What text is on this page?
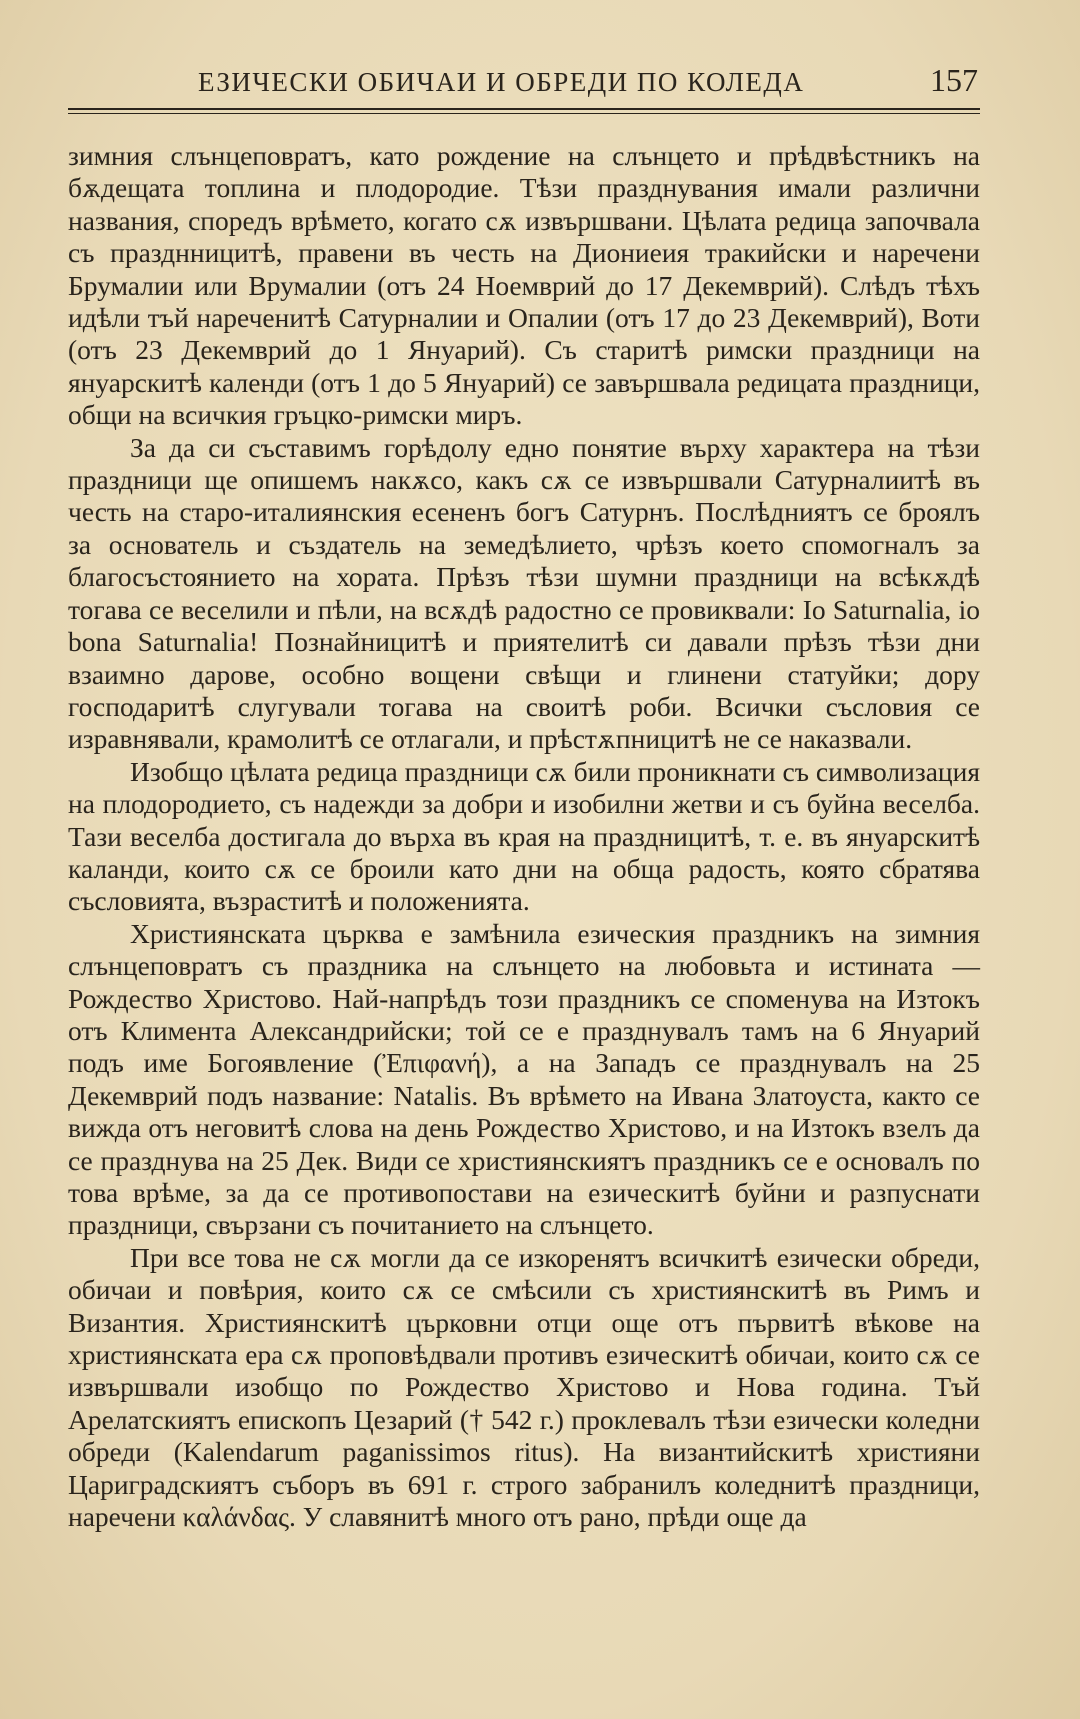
ЕЗИЧЕСКИ ОБИЧАИ И ОБРЕДИ ПО КОЛЕДА	157

зимния слънцеповратъ, като рождение на слънцето и прѣдвѣстникъ на бѫдещата топлина и плодородие. Тѣзи празднувания имали различни названия, споредъ врѣмето, когато сѫ извършвани. Цѣлата редица започвала съ празднницитѣ, правени въ честь на Диониеия тракийски и наречени Брумалии или Врумалии (отъ 24 Ноемврий до 17 Декемврий). Слѣдъ тѣхъ идѣли тъй нареченитѣ Сатурналии и Опалии (отъ 17 до 23 Декемврий), Воти (отъ 23 Декемврий до 1 Януарий). Съ старитѣ римски праздници на януарскитѣ календи (отъ 1 до 5 Януарий) се завършвала редицата праздници, общи на всичкия гръцко-римски миръ.

За да си съставимъ горѣдолу едно понятие върху характера на тѣзи праздници ще опишемъ накѫсо, какъ сѫ се извършвали Сатурналиитѣ въ честь на старо-италиянския есененъ богъ Сатурнъ. Послѣдниятъ се броялъ за основатель и създатель на земедѣлието, чрѣзъ което спомогналъ за благосъстоянието на хората. Прѣзъ тѣзи шумни праздници на всѣкѫдѣ тогава се веселили и пѣли, на всѫдѣ радостно се провиквали: Io Saturnalia, io bona Saturnalia! Познайницитѣ и приятелитѣ си давали прѣзъ тѣзи дни взаимно дарове, особно вощени свѣщи и глинени статуйки; дору господаритѣ слугували тогава на своитѣ роби. Всички съсловия се изравнявали, крамолитѣ се отлагали, и прѣстѫпницитѣ не се наказвали.

Изобщо цѣлата редица праздници сѫ били проникнати съ символизация на плодородието, съ надежди за добри и изобилни жетви и съ буйна веселба. Тази веселба достигала до върха въ края на праздницитѣ, т. е. въ януарскитѣ каланди, които сѫ се броили като дни на обща радость, която сбратява съсловията, възраститѣ и положенията.

Християнската църква е замѣнила езическия праздникъ на зимния слънцеповратъ съ праздника на слънцето на любовьта и истината — Рождество Христово. Най-напрѣдъ този праздникъ се споменува на Изтокъ отъ Климента Александрийски; той се е празднувалъ тамъ на 6 Януарий подъ име Богоявление (Ἐπιφανή), а на Западъ се празднувалъ на 25 Декемврий подъ название: Natalis. Въ врѣмето на Ивана Златоуста, както се вижда отъ неговитѣ слова на день Рождество Христово, и на Изтокъ взелъ да се празднува на 25 Дек. Види се християнскиятъ праздникъ се е основалъ по това врѣме, за да се противопостави на езическитѣ буйни и разпуснати праздници, свързани съ почитанието на слънцето.

При все това не сѫ могли да се изкоренятъ всичкитѣ езически обреди, обичаи и повѣрия, които сѫ се смѣсили съ християнскитѣ въ Римъ и Византия. Християнскитѣ църковни отци още отъ първитѣ вѣкове на християнската ера сѫ проповѣдвали противъ езическитѣ обичаи, които сѫ се извършвали изобщо по Рождество Христово и Нова година. Тъй Арелатскиятъ епископъ Цезарий († 542 г.) проклевалъ тѣзи езически коледни обреди (Kalendarum paganissimos ritus). На византийскитѣ християни Цариградскиятъ съборъ въ 691 г. строго забранилъ коледнитѣ праздници, наречени καλάνδας. У славянитѣ много отъ рано, прѣди още да
